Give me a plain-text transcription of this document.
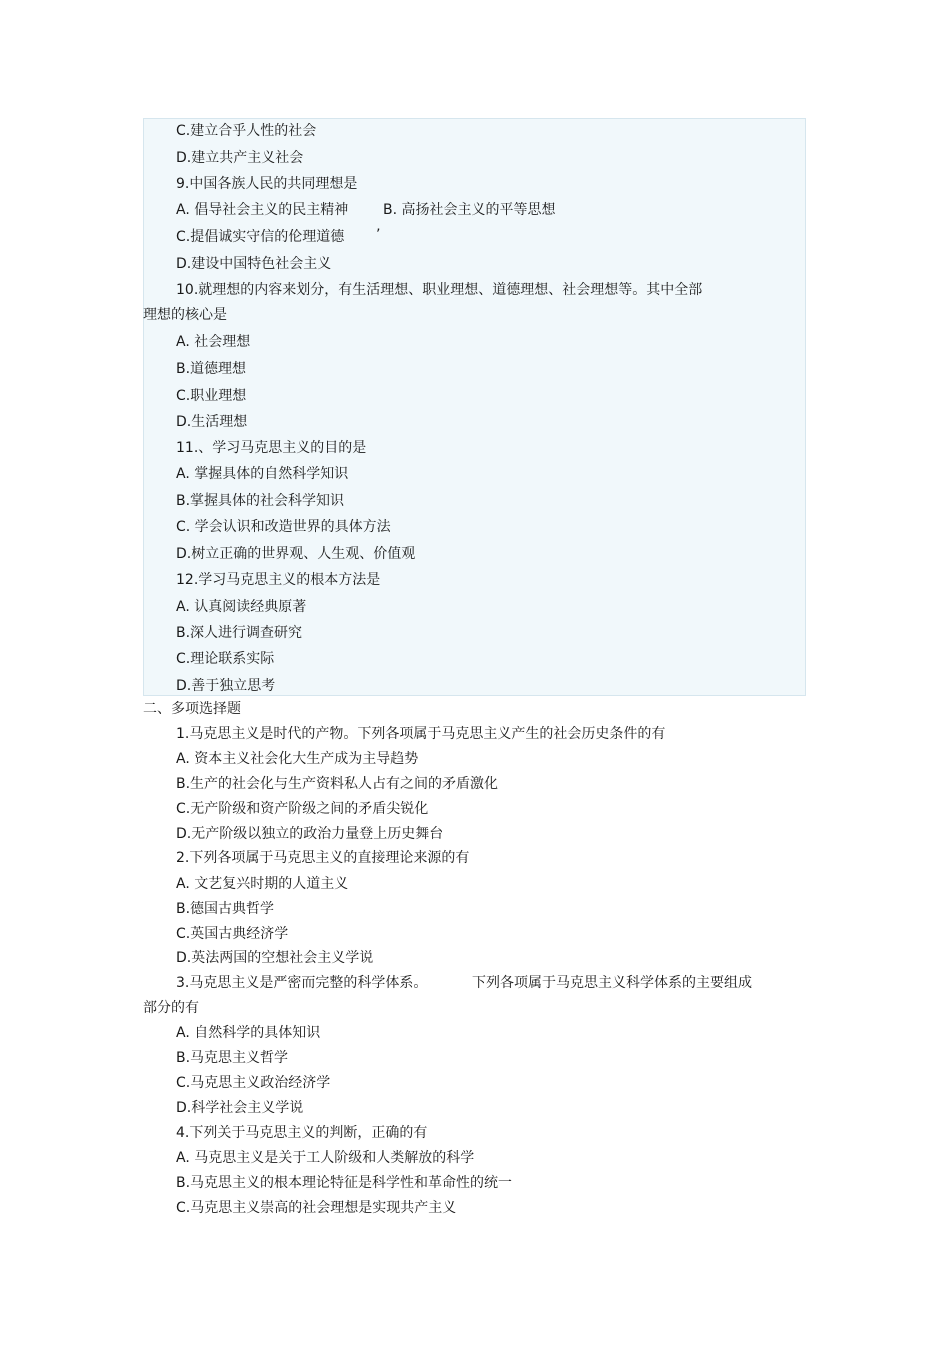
C.建立合乎人性的社会
D.建立共产主义社会
9.中国各族人民的共同理想是
A. 倡导社会主义的民主精神 B. 高扬社会主义的平等思想
C.提倡诚实守信的伦理道德 ’
D.建设中国特色社会主义
10.就理想的内容来划分，有生活理想、职业理想、道德理想、社会理想等。其中全部
理想的核心是
A. 社会理想
B.道德理想
C.职业理想
D.生活理想
11.、学习马克思主义的目的是
A. 掌握具体的自然科学知识
B.掌握具体的社会科学知识
C. 学会认识和改造世界的具体方法
D.树立正确的世界观、人生观、价值观
12.学习马克思主义的根本方法是
A. 认真阅读经典原著
B.深人进行调查研究
C.理论联系实际
D.善于独立思考
二、多项选择题
1.马克思主义是时代的产物。下列各项属于马克思主义产生的社会历史条件的有
A. 资本主义社会化大生产成为主导趋势
B.生产的社会化与生产资料私人占有之间的矛盾激化
C.无产阶级和资产阶级之间的矛盾尖锐化
D.无产阶级以独立的政治力量登上历史舞台
2.下列各项属于马克思主义的直接理论来源的有
A. 文艺复兴时期的人道主义
B.德国古典哲学
C.英国古典经济学
D.英法两国的空想社会主义学说
3.马克思主义是严密而完整的科学体系。	下列各项属于马克思主义科学体系的主要组成
部分的有
A. 自然科学的具体知识
B.马克思主义哲学
C.马克思主义政治经济学
D.科学社会主义学说
4.下列关于马克思主义的判断，正确的有
A. 马克思主义是关于工人阶级和人类解放的科学
B.马克思主义的根本理论特征是科学性和革命性的统一
C.马克思主义崇高的社会理想是实现共产主义
